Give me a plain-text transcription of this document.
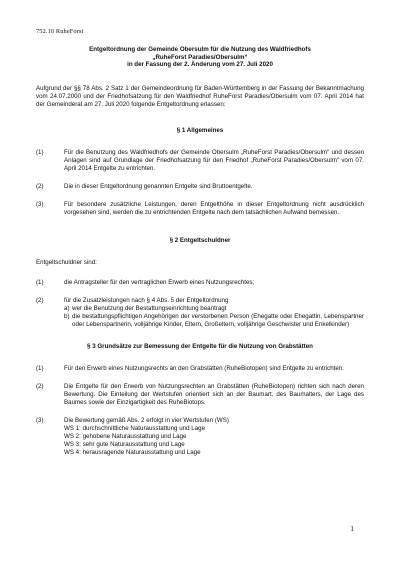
752.10 RuheForst
Entgeltordnung der Gemeinde Obersulm für die Nutzung des Waldfriedhofs
„RuheForst Paradies/Obersulm“
in der Fassung der 2. Änderung vom 27. Juli 2020
Aufgrund der §§ 78 Abs. 2 Satz 1 der Gemeindeordnung für Baden-Württemberg in der Fassung der Bekanntmachung vom 24.07.2000 und der Friedhofsatzung für den Waldfriedhof RuheForst Paradies/Obersulm vom 07. April 2014 hat der Gemeinderat am 27. Juli 2020 folgende Entgeltordnung erlassen:
§ 1 Allgemeines
(1)	Für die Benutzung des Waldfriedhofs der Gemeinde Obersulm „RuheForst Paradies/Obersulm“ und dessen Anlagen sind auf Grundlage der Friedhofsatzung für den Friedhof „RuheForst Paradies/Obersulm“ vom 07. April 2014 Entgelte zu entrichten.
(2)	Die in dieser Entgeltordnung genannten Entgelte sind Bruttoentgelte.
(3)	Für besondere zusätzliche Leistungen, deren Entgelthöhe in dieser Entgeltordnung nicht ausdrücklich vorgesehen sind, werden die zu entrichtenden Entgelte nach dem tatsächlichen Aufwand bemessen.
§ 2 Entgeltschuldner
Entgeltschuldner sind:
(1)	die Antragsteller für den vertraglichen Erwerb eines Nutzungsrechtes;
(2)	für die Zusatzleistungen nach § 4 Abs. 5 der Entgeltordnung
a) wer die Benutzung der Bestattungseinrichtung beantragt
b) die bestattungspflichtigen Angehörigen der verstorbenen Person (Ehegatte oder Ehegattin, Lebenspartner oder Lebenspartnerin, volljährige Kinder, Eltern, Großeltern, volljährige Geschwister und Enkelkinder)
§ 3 Grundsätze zur Bemessung der Entgelte für die Nutzung von Grabstätten
(1)	Für den Erwerb eines Nutzungsrechts an den Grabstätten (RuheBiotopen) sind Entgelte zu entrichten.
(2)	Die Entgelte für den Erwerb von Nutzungsrechten an Grabstätten (RuheBiotopen) richten sich nach deren Bewertung. Die Einteilung der Wertstufen orientiert sich an der Baumart, des Baumalters, der Lage des Baumes sowie der Einzigartigkeit des RuheBiotops.
(3)	Die Bewertung gemäß Abs. 2 erfolgt in vier Wertstufen (WS)
WS 1: durchschnittliche Naturausstattung und Lage
WS 2: gehobene Naturausstattung und Lage
WS 3: sehr gute Naturausstattung und Lage
WS 4: herausragende Naturausstattung und Lage
1
